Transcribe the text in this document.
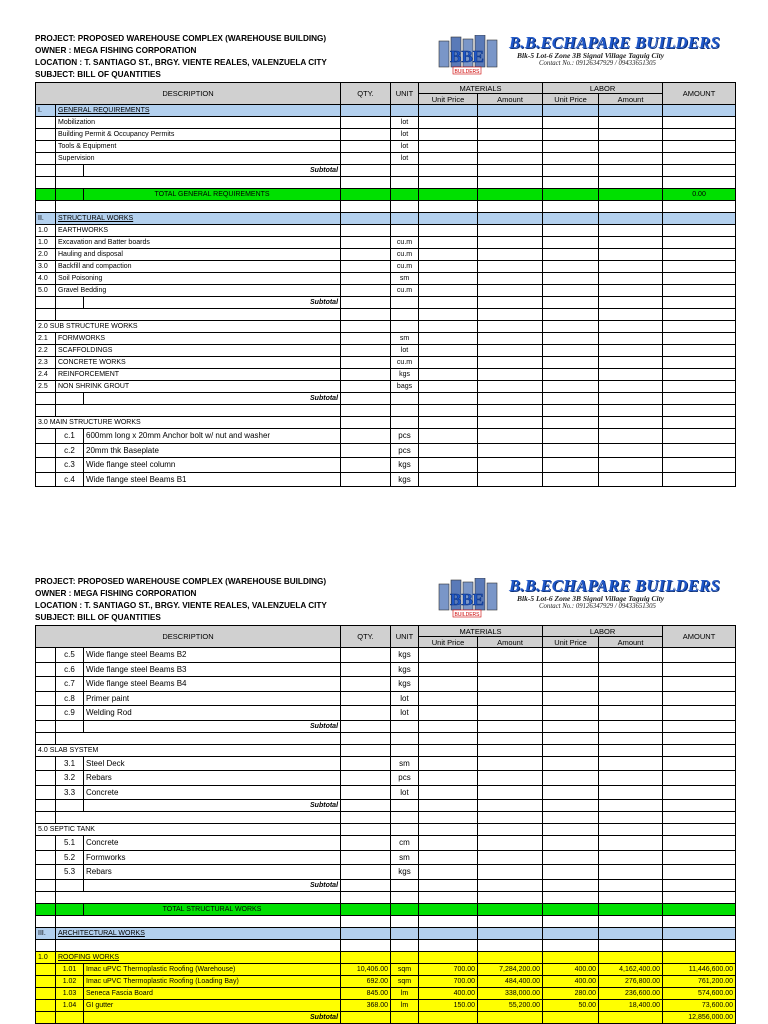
PROJECT: PROPOSED WAREHOUSE COMPLEX (WAREHOUSE BUILDING)
OWNER : MEGA FISHING CORPORATION
LOCATION : T. SANTIAGO ST., BRGY. VIENTE REALES, VALENZUELA CITY
SUBJECT: BILL OF QUANTITIES
BBE
BUILDERS
B.B.ECHAPARE BUILDERS
Blk-5 Lot-6 Zone 3B Signal Village Taguig City
Contact No.: 09126347929 / 09433651305
DESCRIPTION			QTY.	UNIT	MATERIALS		LABOR		AMOUNT
					Unit Price	Amount	Unit Price	Amount	
I.	GENERAL REQUIREMENTS								
	Mobilization			lot					
	Building Permit & Occupancy Permits			lot					
	Tools & Equipment			lot					
	Supervision			lot					
		Subtotal							

		TOTAL GENERAL REQUIREMENTS							0.00

II.	STRUCTURAL WORKS								
1.0	EARTHWORKS								
1.0	Excavation and Batter boards			cu.m					
2.0	Hauling and disposal			cu.m					
3.0	Backfill and compaction			cu.m					
4.0	Soil Poisoning			sm					
5.0	Gravel Bedding			cu.m					
		Subtotal							

2.0 SUB STRUCTURE WORKS									
2.1	FORMWORKS			sm					
2.2	SCAFFOLDINGS			lot					
2.3	CONCRETE WORKS			cu.m					
2.4	REINFORCEMENT			kgs					
2.5	NON SHRINK GROUT			bags					
		Subtotal							

3.0 MAIN STRUCTURE WORKS									
	c.1	600mm long x 20mm Anchor bolt w/ nut and washer		pcs					
	c.2	20mm thk Baseplate		pcs					
	c.3	Wide flange steel column		kgs					
	c.4	Wide flange steel Beams B1		kgs					
PROJECT: PROPOSED WAREHOUSE COMPLEX (WAREHOUSE BUILDING)
OWNER : MEGA FISHING CORPORATION
LOCATION : T. SANTIAGO ST., BRGY. VIENTE REALES, VALENZUELA CITY
SUBJECT: BILL OF QUANTITIES
BBE
BUILDERS
B.B.ECHAPARE BUILDERS
Blk-5 Lot-6 Zone 3B Signal Village Taguig City
Contact No.: 09126347929 / 09433651305
DESCRIPTION			QTY.	UNIT	MATERIALS		LABOR		AMOUNT
					Unit Price	Amount	Unit Price	Amount	
	c.5	Wide flange steel Beams B2		kgs					
	c.6	Wide flange steel Beams B3		kgs					
	c.7	Wide flange steel Beams B4		kgs					
	c.8	Primer paint		lot					
	c.9	Welding Rod		lot					
		Subtotal							

4.0 SLAB SYSTEM									
	3.1	Steel Deck		sm					
	3.2	Rebars		pcs					
	3.3	Concrete		lot					
		Subtotal							

5.0 SEPTIC TANK									
	5.1	Concrete		cm					
	5.2	Formworks		sm					
	5.3	Rebars		kgs					
		Subtotal							

		TOTAL STRUCTURAL WORKS							

III.	ARCHITECTURAL WORKS								

1.0	ROOFING WORKS								
	1.01	Imac uPVC Thermoplastic Roofing (Warehouse)	10,406.00	sqm	700.00	7,284,200.00	400.00	4,162,400.00	11,446,600.00
	1.02	Imac uPVC Thermoplastic Roofing (Loading Bay)	692.00	sqm	700.00	484,400.00	400.00	276,800.00	761,200.00
	1.03	Seneca Fascia Board	845.00	lm	400.00	338,000.00	280.00	236,600.00	574,600.00
	1.04	GI gutter	368.00	lm	150.00	55,200.00	50.00	18,400.00	73,600.00
		Subtotal							12,856,000.00
